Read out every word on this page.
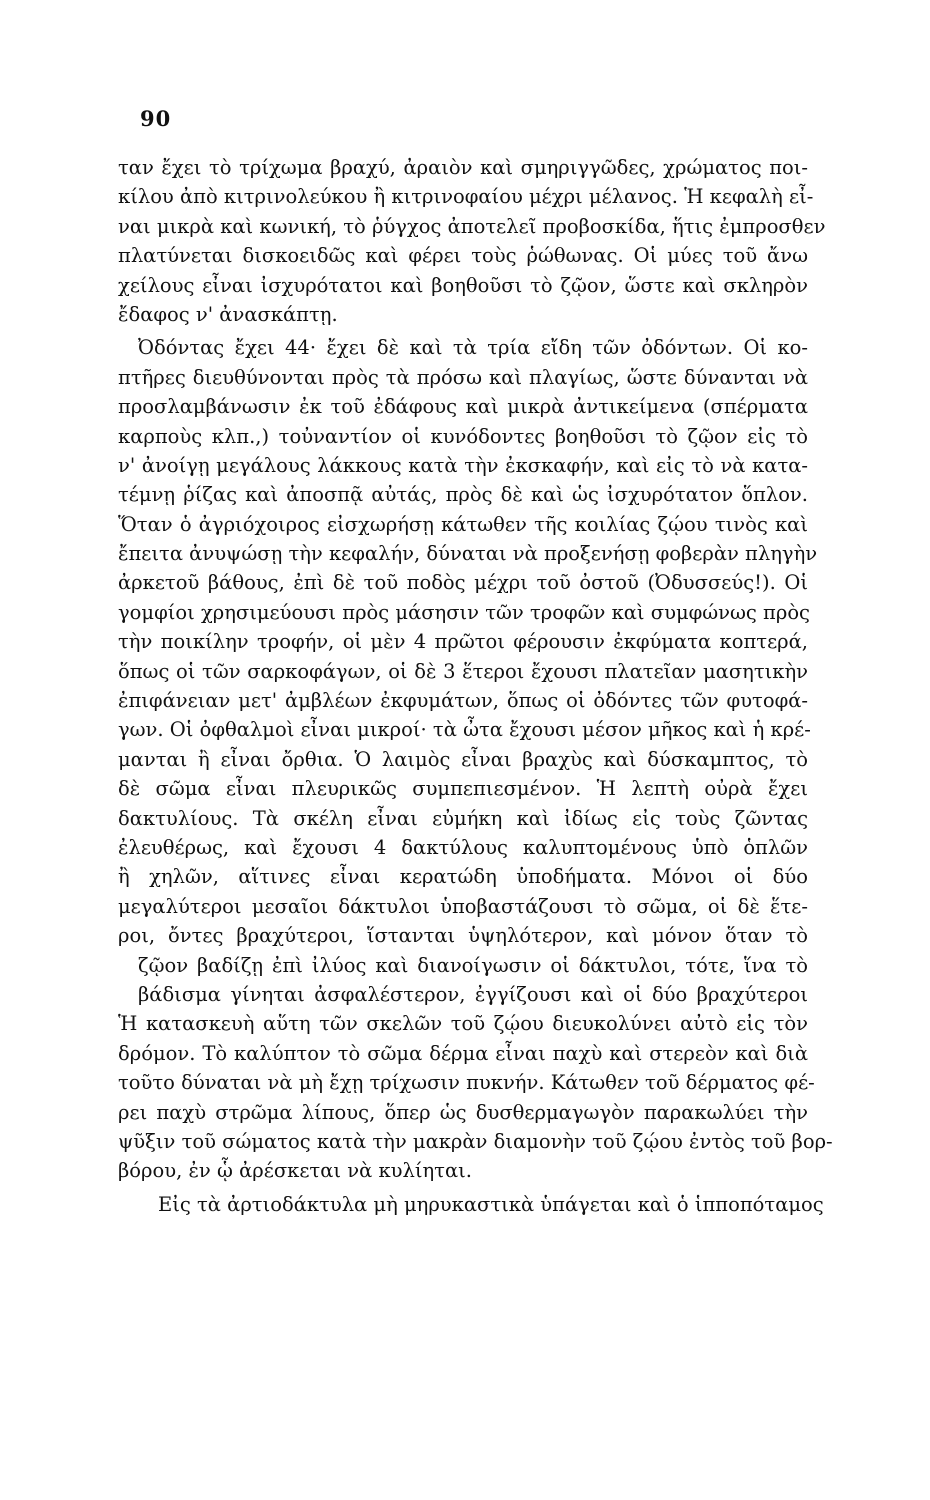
90
ταν ἔχει τὸ τρίχωμα βραχύ, ἀραιὸν καὶ σμηριγγῶδες, χρώματος ποι-
κίλου ἀπὸ κιτρινολεύκου ἢ κιτρινοφαίου μέχρι μέλανος. Ἡ κεφαλὴ εἶ-
ναι μικρὰ καὶ κωνική, τὸ ῥύγχος ἀποτελεῖ προβοσκίδα, ἥτις ἐμπροσθεν
πλατύνεται δισκοειδῶς καὶ φέρει τοὺς ῥώθωνας. Οἱ μύες τοῦ ἄνω
χείλους εἶναι ἰσχυρότατοι καὶ βοηθοῦσι τὸ ζῷον, ὥστε καὶ σκληρὸν
ἔδαφος ν' ἀνασκάπτῃ.
Ὀδόντας ἔχει 44· ἔχει δὲ καὶ τὰ τρία εἴδη τῶν ὀδόντων. Οἱ κο-
πτῆρες διευθύνονται πρὸς τὰ πρόσω καὶ πλαγίως, ὥστε δύνανται νὰ
προσλαμβάνωσιν ἐκ τοῦ ἐδάφους καὶ μικρὰ ἀντικείμενα (σπέρματα
καρποὺς κλπ.,) τοὐναντίον οἱ κυνόδοντες βοηθοῦσι τὸ ζῷον εἰς τὸ
ν' ἀνοίγῃ μεγάλους λάκκους κατὰ τὴν ἐκσκαφήν, καὶ εἰς τὸ νὰ κατα-
τέμνῃ ῥίζας καὶ ἀποσπᾷ αὐτάς, πρὸς δὲ καὶ ὡς ἰσχυρότατον ὅπλον.
Ὅταν ὁ ἀγριόχοιρος εἰσχωρήσῃ κάτωθεν τῆς κοιλίας ζῴου τινὸς καὶ
ἔπειτα ἀνυψώσῃ τὴν κεφαλήν, δύναται νὰ προξενήσῃ φοβερὰν πληγὴν
ἀρκετοῦ βάθους, ἐπὶ δὲ τοῦ ποδὸς μέχρι τοῦ ὀστοῦ (Ὀδυσσεύς!). Οἱ
γομφίοι χρησιμεύουσι πρὸς μάσησιν τῶν τροφῶν καὶ συμφώνως πρὸς
τὴν ποικίλην τροφήν, οἱ μὲν 4 πρῶτοι φέρουσιν ἐκφύματα κοπτερά,
ὅπως οἱ τῶν σαρκοφάγων, οἱ δὲ 3 ἕτεροι ἔχουσι πλατεῖαν μασητικὴν
ἐπιφάνειαν μετ' ἀμβλέων ἐκφυμάτων, ὅπως οἱ ὀδόντες τῶν φυτοφά-
γων. Οἱ ὀφθαλμοὶ εἶναι μικροί· τὰ ὦτα ἔχουσι μέσον μῆκος καὶ ἡ κρέ-
μανται ἢ εἶναι ὄρθια. Ὁ λαιμὸς εἶναι βραχὺς καὶ δύσκαμπτος, τὸ
δὲ σῶμα εἶναι πλευρικῶς συμπεπιεσμένον. Ἡ λεπτὴ οὐρὰ ἔχει
δακτυλίους. Τὰ σκέλη εἶναι εὐμήκη καὶ ἰδίως εἰς τοὺς ζῶντας
ἐλευθέρως, καὶ ἔχουσι 4 δακτύλους καλυπτομένους ὑπὸ ὁπλῶν
ἢ χηλῶν, αἵτινες εἶναι κερατώδη ὑποδήματα. Μόνοι οἱ δύο
μεγαλύτεροι μεσαῖοι δάκτυλοι ὑποβαστάζουσι τὸ σῶμα, οἱ δὲ ἕτε-
ροι, ὄντες βραχύτεροι, ἵστανται ὑψηλότερον, καὶ μόνον ὅταν τὸ
ζῷον βαδίζῃ ἐπὶ ἰλύος καὶ διανοίγωσιν οἱ δάκτυλοι, τότε, ἵνα τὸ
βάδισμα γίνηται ἀσφαλέστερον, ἐγγίζουσι καὶ οἱ δύο βραχύτεροι
Ἡ κατασκευὴ αὕτη τῶν σκελῶν τοῦ ζῴου διευκολύνει αὐτὸ εἰς τὸν
δρόμον. Τὸ καλύπτον τὸ σῶμα δέρμα εἶναι παχὺ καὶ στερεὸν καὶ διὰ
τοῦτο δύναται νὰ μὴ ἔχῃ τρίχωσιν πυκνήν. Κάτωθεν τοῦ δέρματος φέ-
ρει παχὺ στρῶμα λίπους, ὅπερ ὡς δυσθερμαγωγὸν παρακωλύει τὴν
ψῦξιν τοῦ σώματος κατὰ τὴν μακρὰν διαμονὴν τοῦ ζῴου ἐντὸς τοῦ βορ-
βόρου, ἐν ᾧ ἀρέσκεται νὰ κυλίηται.
Εἰς τὰ ἀρτιοδάκτυλα μὴ μηρυκαστικὰ ὑπάγεται καὶ ὁ ἱπποπόταμος
